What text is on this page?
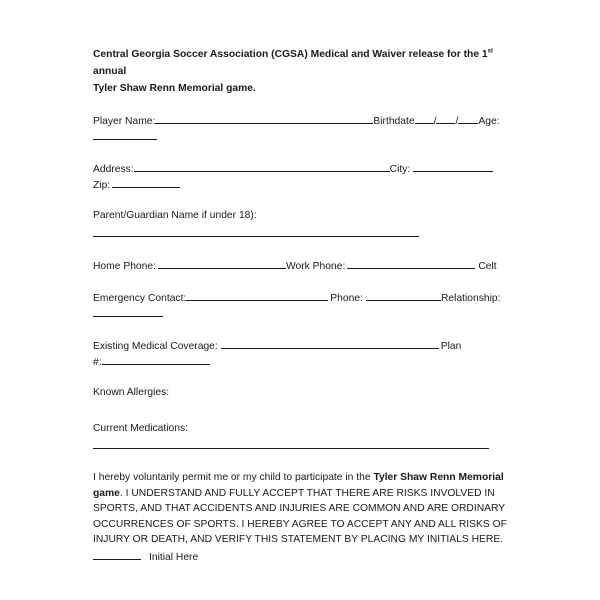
Central Georgia Soccer Association (CGSA) Medical and Waiver release for the 1st annual
Tyler Shaw Renn Memorial game.
Player Name:	Birthdate / / Age:
Address:	City:
Zip:
Parent/Guardian Name if under 18):
Home Phone:	Work Phone:	Celt
Emergency Contact:	Phone:	Relationship:
Existing Medical Coverage:	Plan
#:
Known Allergies:
Current Medications:
I hereby voluntarily permit me or my child to participate in the Tyler Shaw Renn Memorial game. I UNDERSTAND AND FULLY ACCEPT THAT THERE ARE RISKS INVOLVED IN SPORTS, AND THAT ACCIDENTS AND INJURIES ARE COMMON AND ARE ORDINARY OCCURRENCES OF SPORTS. I HEREBY AGREE TO ACCEPT ANY AND ALL RISKS OF INJURY OR DEATH, AND VERIFY THIS STATEMENT BY PLACING MY INITIALS HERE.
Initial Here
